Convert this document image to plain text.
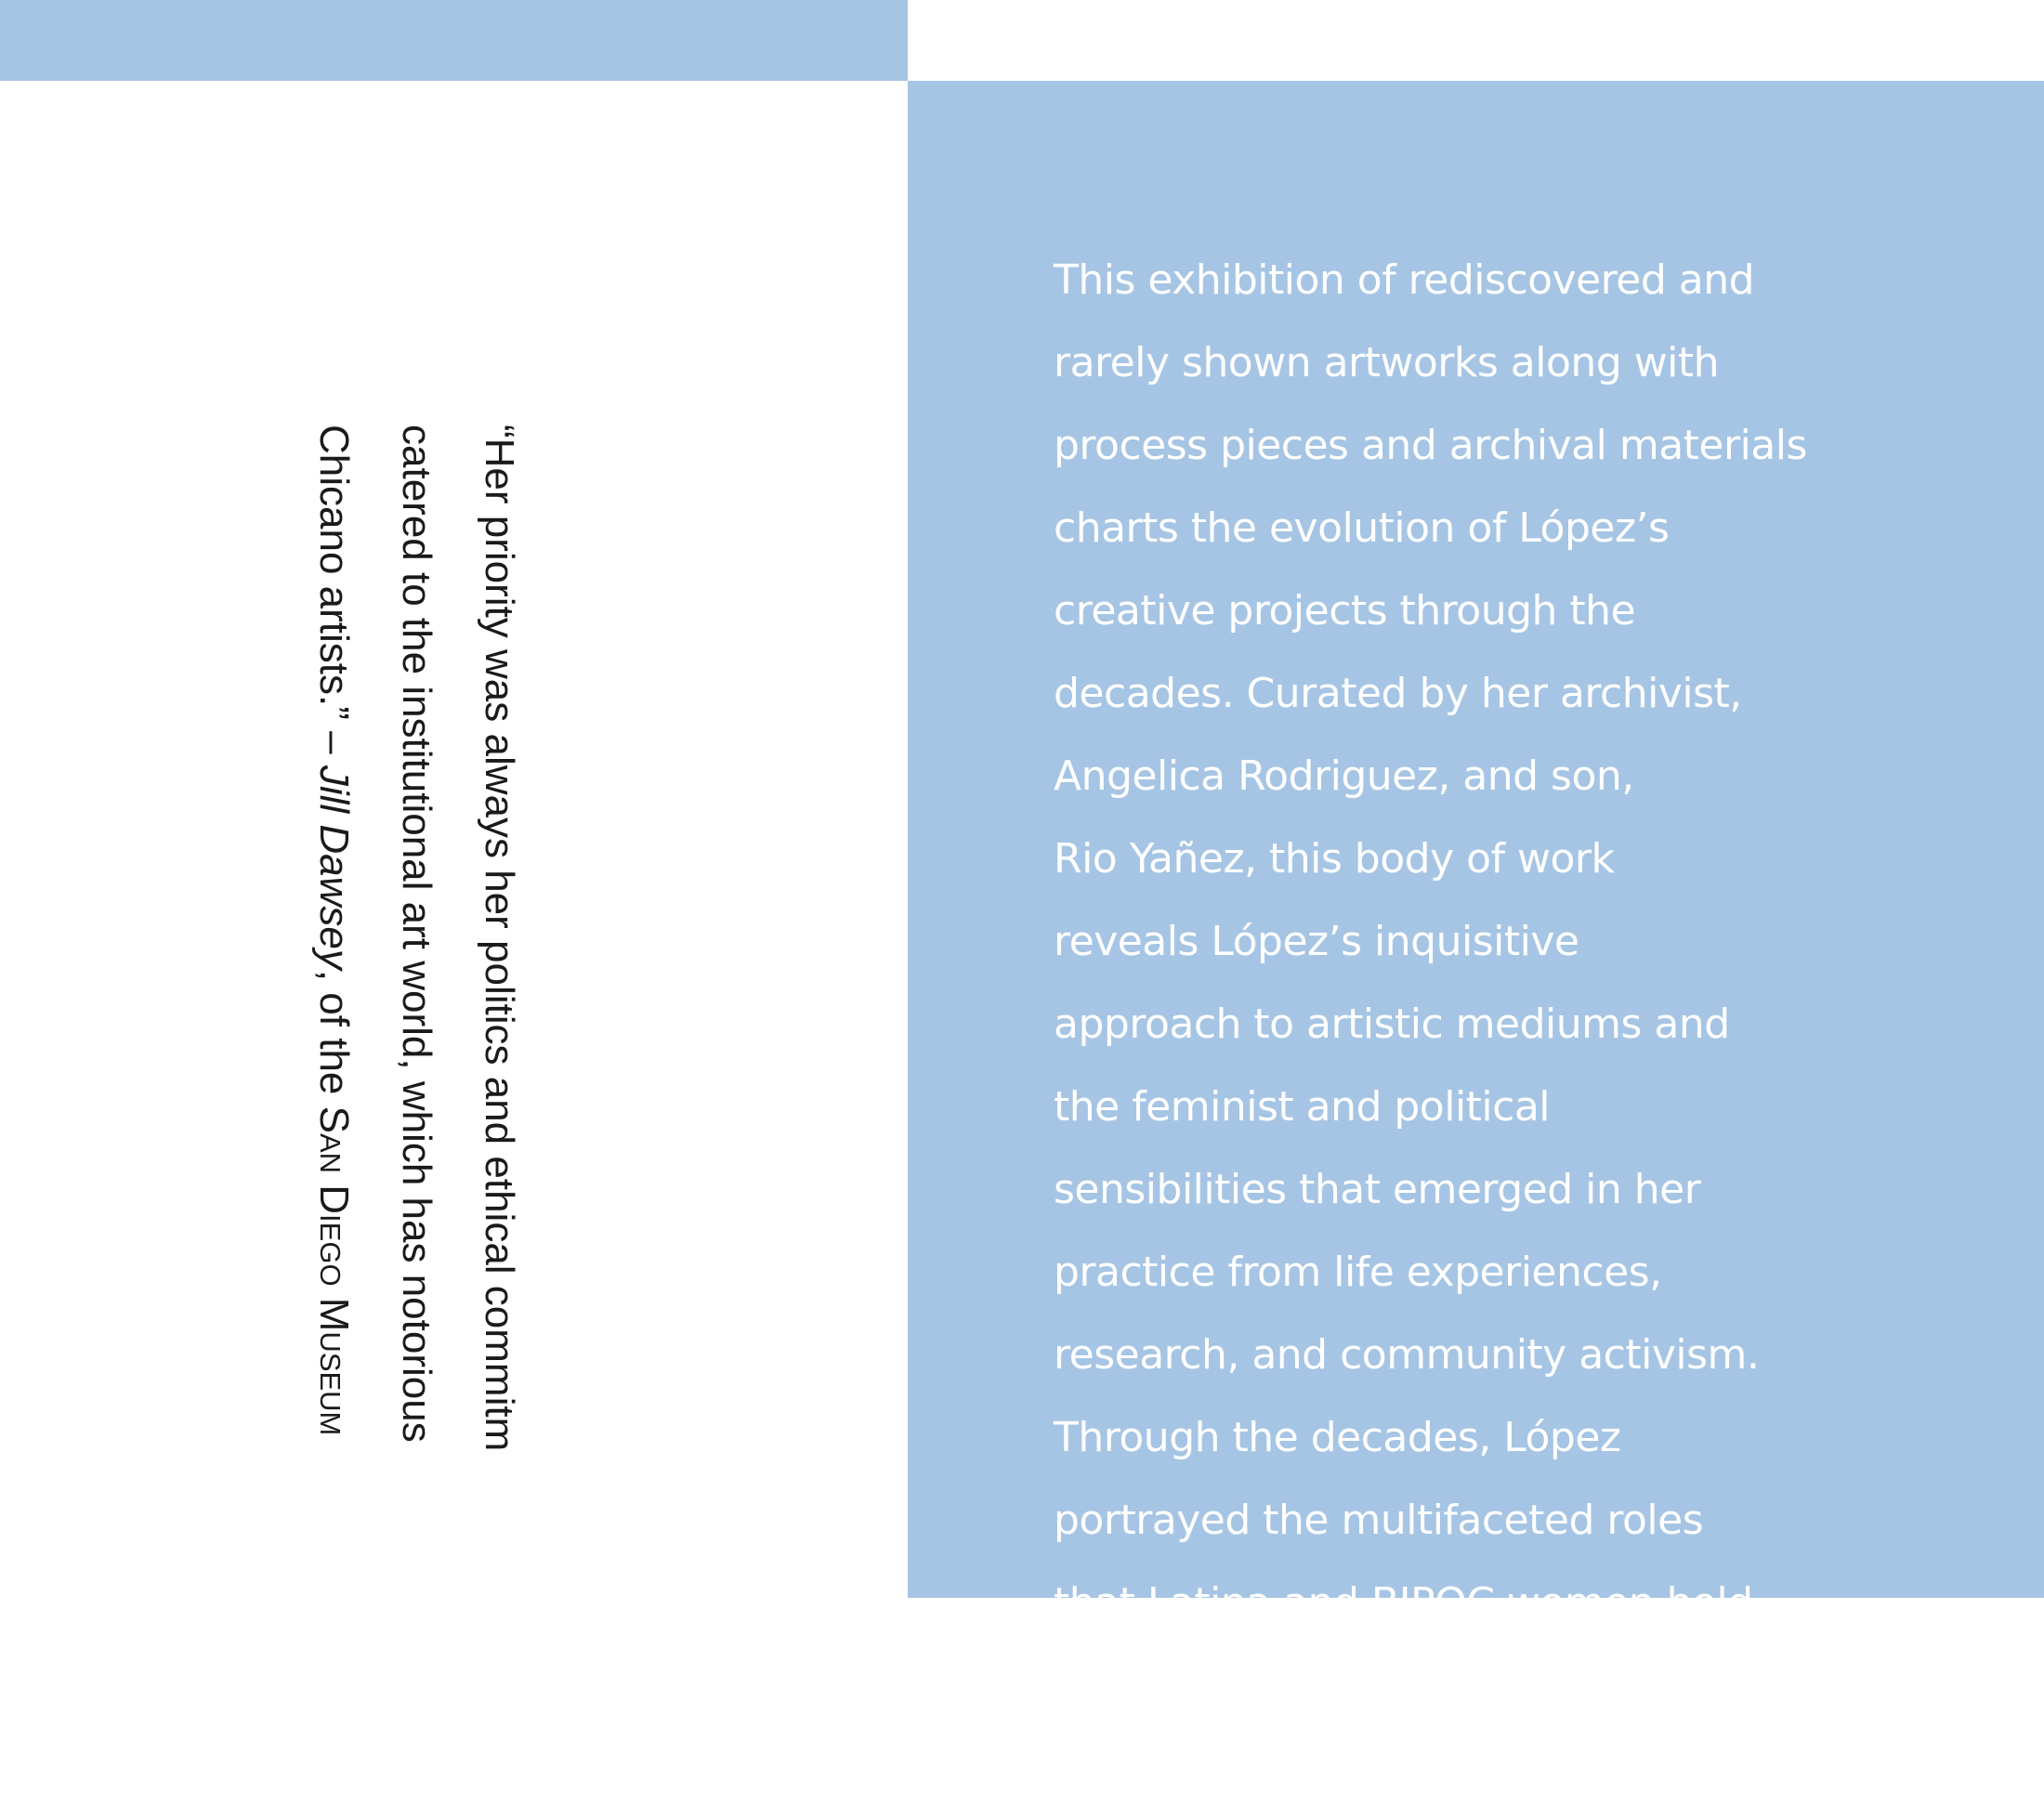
“Her priority was always her politics and ethical commitm
catered to the institutional art world, which has notorious
Chicano artists.” – Jill Dawsey, of the San Diego Museum

This exhibition of rediscovered and
rarely shown artworks along with
process pieces and archival materials
charts the evolution of López’s
creative projects through the
decades. Curated by her archivist,
Angelica Rodriguez, and son,
Rio Yañez, this body of work
reveals López’s inquisitive
approach to artistic mediums and
the feminist and political
sensibilities that emerged in her
practice from life experiences,
research, and community activism.
Through the decades, López
portrayed the multifaceted roles
that Latina and BIPOC women hold
